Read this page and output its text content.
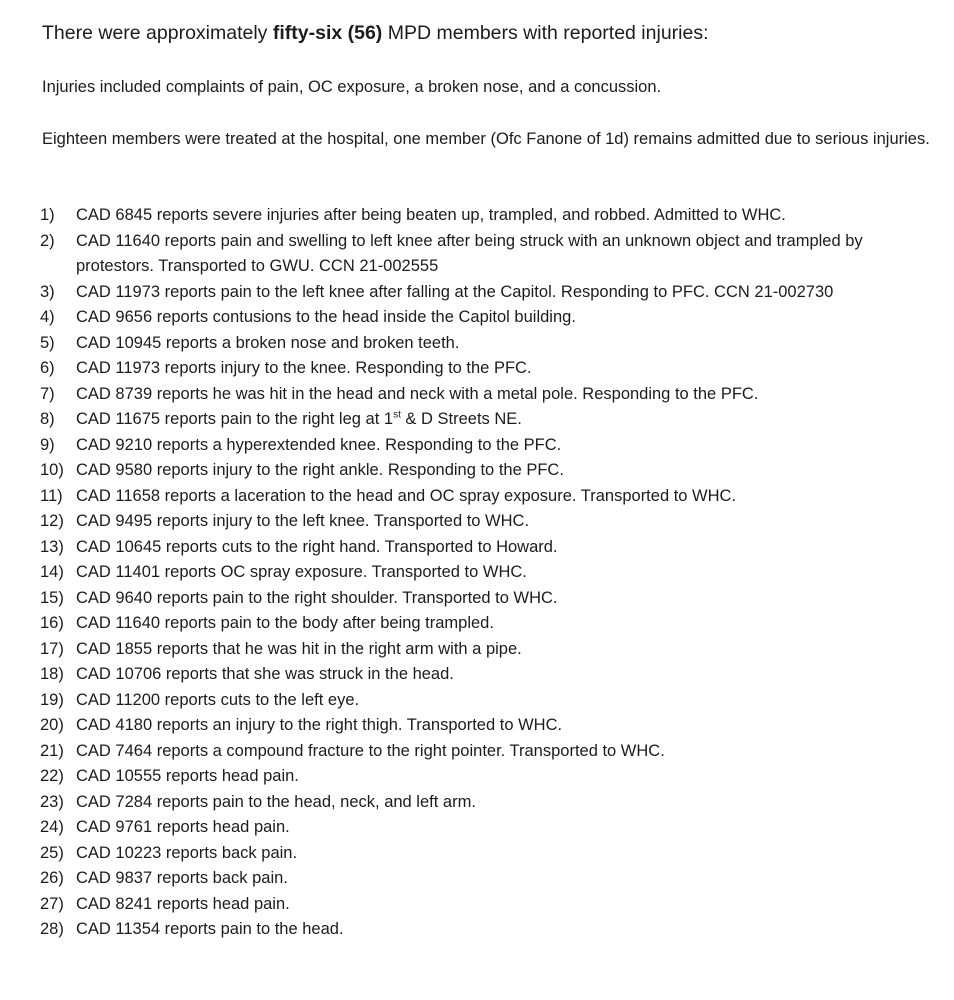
There were approximately fifty-six (56) MPD members with reported injuries:
Injuries included complaints of pain, OC exposure, a broken nose, and a concussion.
Eighteen members were treated at the hospital, one member (Ofc Fanone of 1d) remains admitted due to serious injuries.
1)	CAD 6845 reports severe injuries after being beaten up, trampled, and robbed. Admitted to WHC.
2)	CAD 11640 reports pain and swelling to left knee after being struck with an unknown object and trampled by protestors. Transported to GWU. CCN 21-002555
3)	CAD 11973 reports pain to the left knee after falling at the Capitol. Responding to PFC. CCN 21-002730
4)	CAD 9656 reports contusions to the head inside the Capitol building.
5)	CAD 10945 reports a broken nose and broken teeth.
6)	CAD 11973 reports injury to the knee. Responding to the PFC.
7)	CAD 8739 reports he was hit in the head and neck with a metal pole. Responding to the PFC.
8)	CAD 11675 reports pain to the right leg at 1st & D Streets NE.
9)	CAD 9210 reports a hyperextended knee. Responding to the PFC.
10) CAD 9580 reports injury to the right ankle. Responding to the PFC.
11) CAD 11658 reports a laceration to the head and OC spray exposure. Transported to WHC.
12) CAD 9495 reports injury to the left knee. Transported to WHC.
13) CAD 10645 reports cuts to the right hand. Transported to Howard.
14) CAD 11401 reports OC spray exposure. Transported to WHC.
15) CAD 9640 reports pain to the right shoulder. Transported to WHC.
16) CAD 11640 reports pain to the body after being trampled.
17) CAD 1855 reports that he was hit in the right arm with a pipe.
18) CAD 10706 reports that she was struck in the head.
19) CAD 11200 reports cuts to the left eye.
20) CAD 4180 reports an injury to the right thigh. Transported to WHC.
21) CAD 7464 reports a compound fracture to the right pointer. Transported to WHC.
22) CAD 10555 reports head pain.
23) CAD 7284 reports pain to the head, neck, and left arm.
24) CAD 9761 reports head pain.
25) CAD 10223 reports back pain.
26) CAD 9837 reports back pain.
27) CAD 8241 reports head pain.
28) CAD 11354 reports pain to the head.
